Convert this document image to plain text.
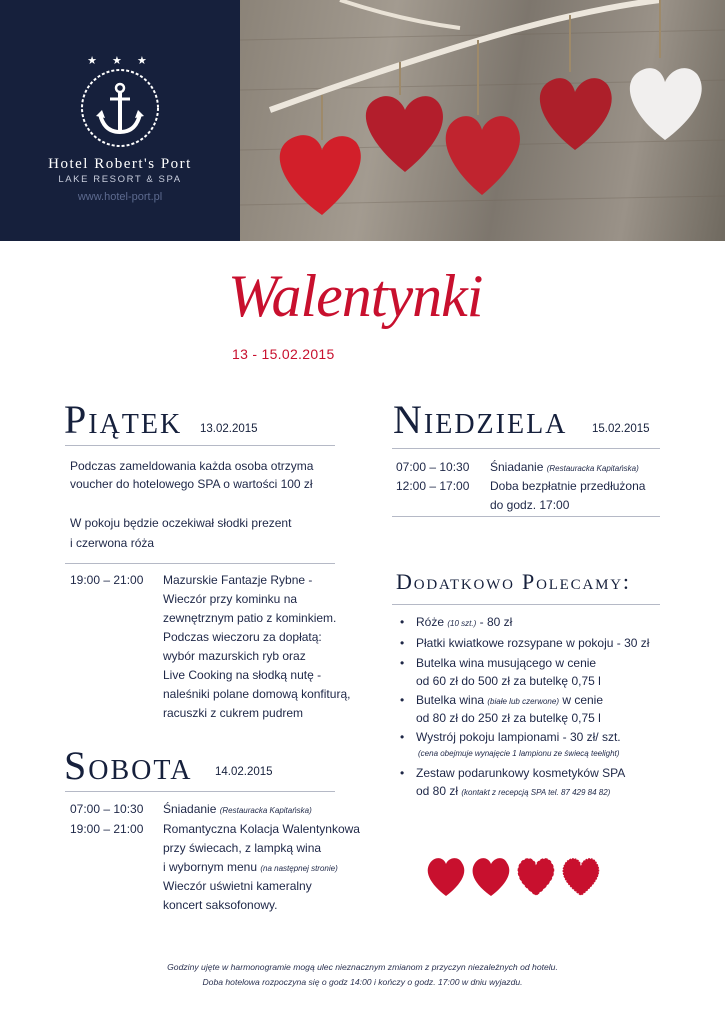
★ ★ ★
Hotel Robert's Port
LAKE RESORT & SPA
www.hotel-port.pl
Walentynki
13 - 15.02.2015
Piątek 13.02.2015
Podczas zameldowania każda osoba otrzyma
voucher do hotelowego SPA o wartości 100 zł
W pokoju będzie oczekiwał słodki prezent
i czerwona róża
19:00 – 21:00 Mazurskie Fantazje Rybne -
Wieczór przy kominku na
zewnętrznym patio z kominkiem.
Podczas wieczoru za dopłatą:
wybór mazurskich ryb oraz
Live Cooking na słodką nutę -
naleśniki polane domową konfiturą,
racuszki z cukrem pudrem
Sobota 14.02.2015
07:00 – 10:30 Śniadanie (Restauracka Kapitańska)
19:00 – 21:00 Romantyczna Kolacja Walentynkowa
przy świecach, z lampką wina
i wybornym menu (na następnej stronie)
Wieczór uświetni kameralny
koncert saksofonowy.
Niedziela 15.02.2015
07:00 – 10:30 Śniadanie (Restauracka Kapitańska)
12:00 – 17:00 Doba bezpłatnie przedłużona
do godz. 17:00
Dodatkowo Polecamy:
• Róże (10 szt.) - 80 zł
• Płatki kwiatkowe rozsypane w pokoju - 30 zł
• Butelka wina musującego w cenie
od 60 zł do 500 zł za butelkę 0,75 l
• Butelka wina (białe lub czerwone) w cenie
od 80 zł do 250 zł za butelkę 0,75 l
• Wystrój pokoju lampionami - 30 zł/ szt.
(cena obejmuje wynajęcie 1 lampionu ze świecą teelight)
• Zestaw podarunkowy kosmetyków SPA
od 80 zł (kontakt z recepcją SPA tel. 87 429 84 82)
Godziny ujęte w harmonogramie mogą ulec nieznacznym zmianom z przyczyn niezależnych od hotelu.
Doba hotelowa rozpoczyna się o godz 14:00 i kończy o godz. 17:00 w dniu wyjazdu.
